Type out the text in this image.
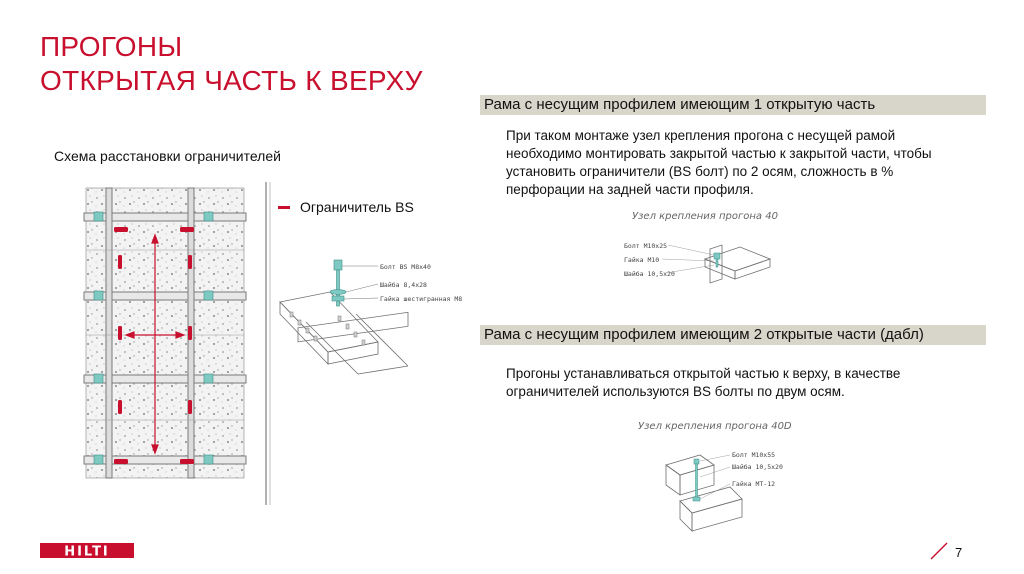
ПРОГОНЫ
ОТКРЫТАЯ ЧАСТЬ К ВЕРХУ
Схема расстановки ограничителей
Ограничитель BS
Болт BS M8x40
Шайба 8,4x28
Гайка шестигранная M8
Рама с несущим профилем имеющим 1 открытую часть
При таком монтаже узел крепления прогона с несущей рамой необходимо монтировать закрытой частью к закрытой части, чтобы установить ограничители (BS болт) по 2 осям, сложность в % перфорации на задней части профиля.
Узел крепления прогона 40
Болт М10х25
Гайка М10
Шайба 10,5х20
Рама с несущим профилем имеющим 2 открытые части (дабл)
Прогоны устанавливаться открытой частью к верху, в качестве ограничителей используются BS болты по двум осям.
Узел крепления прогона 40D
Болт М10х55
Шайба 10,5х20
Гайка МТ-12
HILTI	7
